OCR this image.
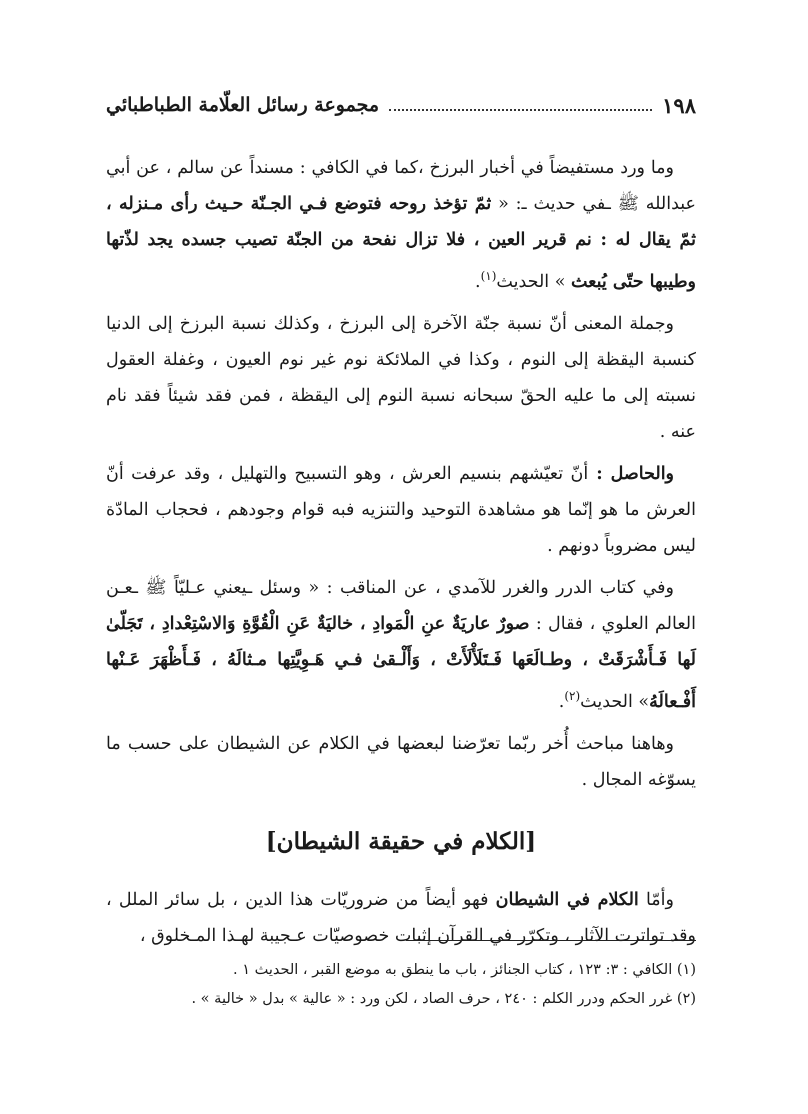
١٩٨
مجموعة رسائل العلّامة الطباطبائي

وما ورد مستفيضاً في أخبار البرزخ ،كما في الكافي : مسنداً عن سالم ، عن أبي عبدالله ﷺ ـفي حديث ـ: « ثمّ تؤخذ روحه فتوضع فـي الجـنّة حـيث رأى مـنزله ، ثمّ يقال له : نم قرير العين ، فلا تزال نفحة من الجنّة تصيب جسده يجد لذّتها وطيبها حتّى يُبعث » الحديث$^{(١)}$.

وجملة المعنى أنّ نسبة جنّة الآخرة إلى البرزخ ، وكذلك نسبة البرزخ إلى الدنيا كنسبة اليقظة إلى النوم ، وكذا في الملائكة نوم غير نوم العيون ، وغفلة العقول نسبته إلى ما عليه الحقّ سبحانه نسبة النوم إلى اليقظة ، فمن فقد شيئاً فقد نام عنه .

والحاصل : أنّ تعيّشهم بنسيم العرش ، وهو التسبيح والتهليل ، وقد عرفت أنّ العرش ما هو إنّما هو مشاهدة التوحيد والتنزيه فبه قوام وجودهم ، فحجاب المادّة ليس مضروباً دونهم .

وفي كتاب الدرر والغرر للآمدي ، عن المناقب : « وسئل ـيعني عـليّاً ﷺ ـعـن العالم العلوي ، فقال : صورٌ عاريَةٌ عنِ الْمَوادِ ، خاليَةٌ عَنِ الْقُوَّةِ وَالاسْتِعْدادِ ، تَجَلّىٰ لَها فَـأَشْرَقَتْ ، وطـالَعَها فَـتَلَأْلَأَتْ ، وَأَلْـقىٰ فـي هَـوِيَّتِها مـثالَهُ ، فَـأَظْهَرَ عَـنْها أَفْـعالَهُ» الحديث$^{(٢)}$.

وهاهنا مباحث أُخر ربّما تعرّضنا لبعضها في الكلام عن الشيطان على حسب ما يسوّغه المجال .

[الكلام في حقيقة الشيطان]

وأمّا الكلام في الشيطان فهو أيضاً من ضروريّات هذا الدين ، بل سائر الملل ، وقد تواترت الآثار ، وتكرّر في القرآن إثبات خصوصيّات عـجيبة لهـذا المـخلوق ،

(١) الكافي : ٣: ١٢٣ ، كتاب الجنائز ، باب ما ينطق به موضع القبر ، الحديث ١ .
(٢) غرر الحكم ودرر الكلم : ٢٤٠ ، حرف الصاد ، لكن ورد : « عالية » بدل « خالية » .
